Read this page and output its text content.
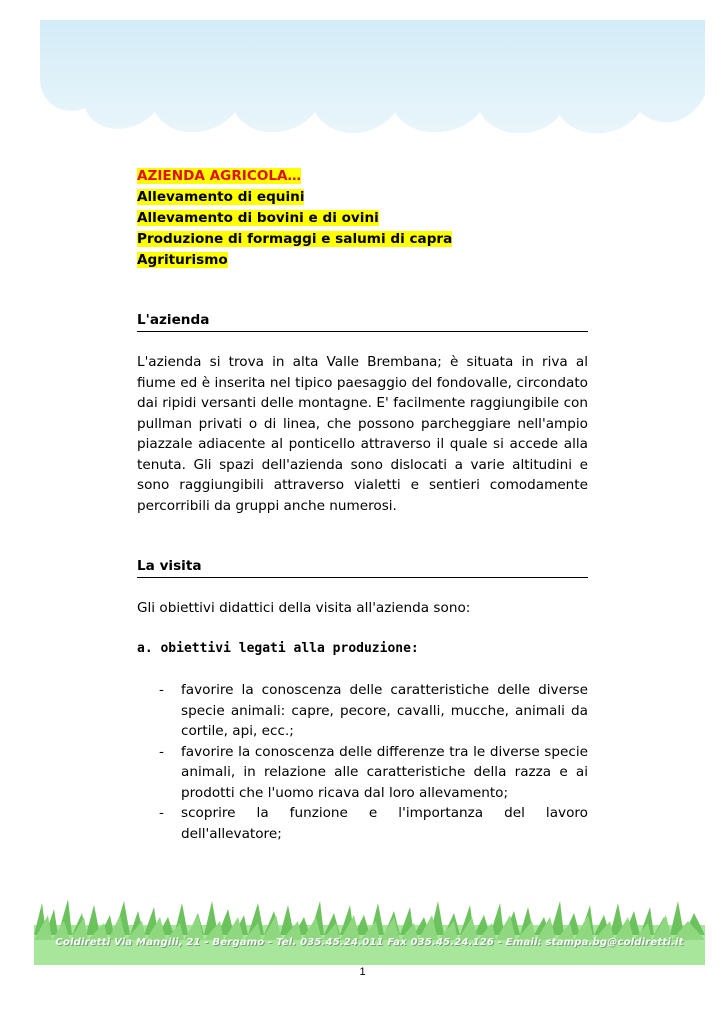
AZIENDA AGRICOLA…
Allevamento di equini
Allevamento di bovini e di ovini
Produzione di formaggi e salumi di capra
Agriturismo
L'azienda
L'azienda si trova in alta Valle Brembana; è situata in riva al fiume ed è inserita nel tipico paesaggio del fondovalle, circondato dai ripidi versanti delle montagne. E' facilmente raggiungibile con pullman privati o di linea, che possono parcheggiare nell'ampio piazzale adiacente al ponticello attraverso il quale si accede alla tenuta. Gli spazi dell'azienda sono dislocati a varie altitudini e sono raggiungibili attraverso vialetti e sentieri comodamente percorribili da gruppi anche numerosi.
La visita
Gli obiettivi didattici della visita all'azienda sono:
a. obiettivi legati alla produzione:
- favorire la conoscenza delle caratteristiche delle diverse specie animali: capre, pecore, cavalli, mucche, animali da cortile, api, ecc.;
- favorire la conoscenza delle differenze tra le diverse specie animali, in relazione alle caratteristiche della razza e ai prodotti che l'uomo ricava dal loro allevamento;
- scoprire la funzione e l'importanza del lavoro dell'allevatore;
Coldiretti Via Mangili, 21 - Bergamo - Tel. 035.45.24.011 Fax 035.45.24.126 - Email: stampa.bg@coldiretti.it
1
